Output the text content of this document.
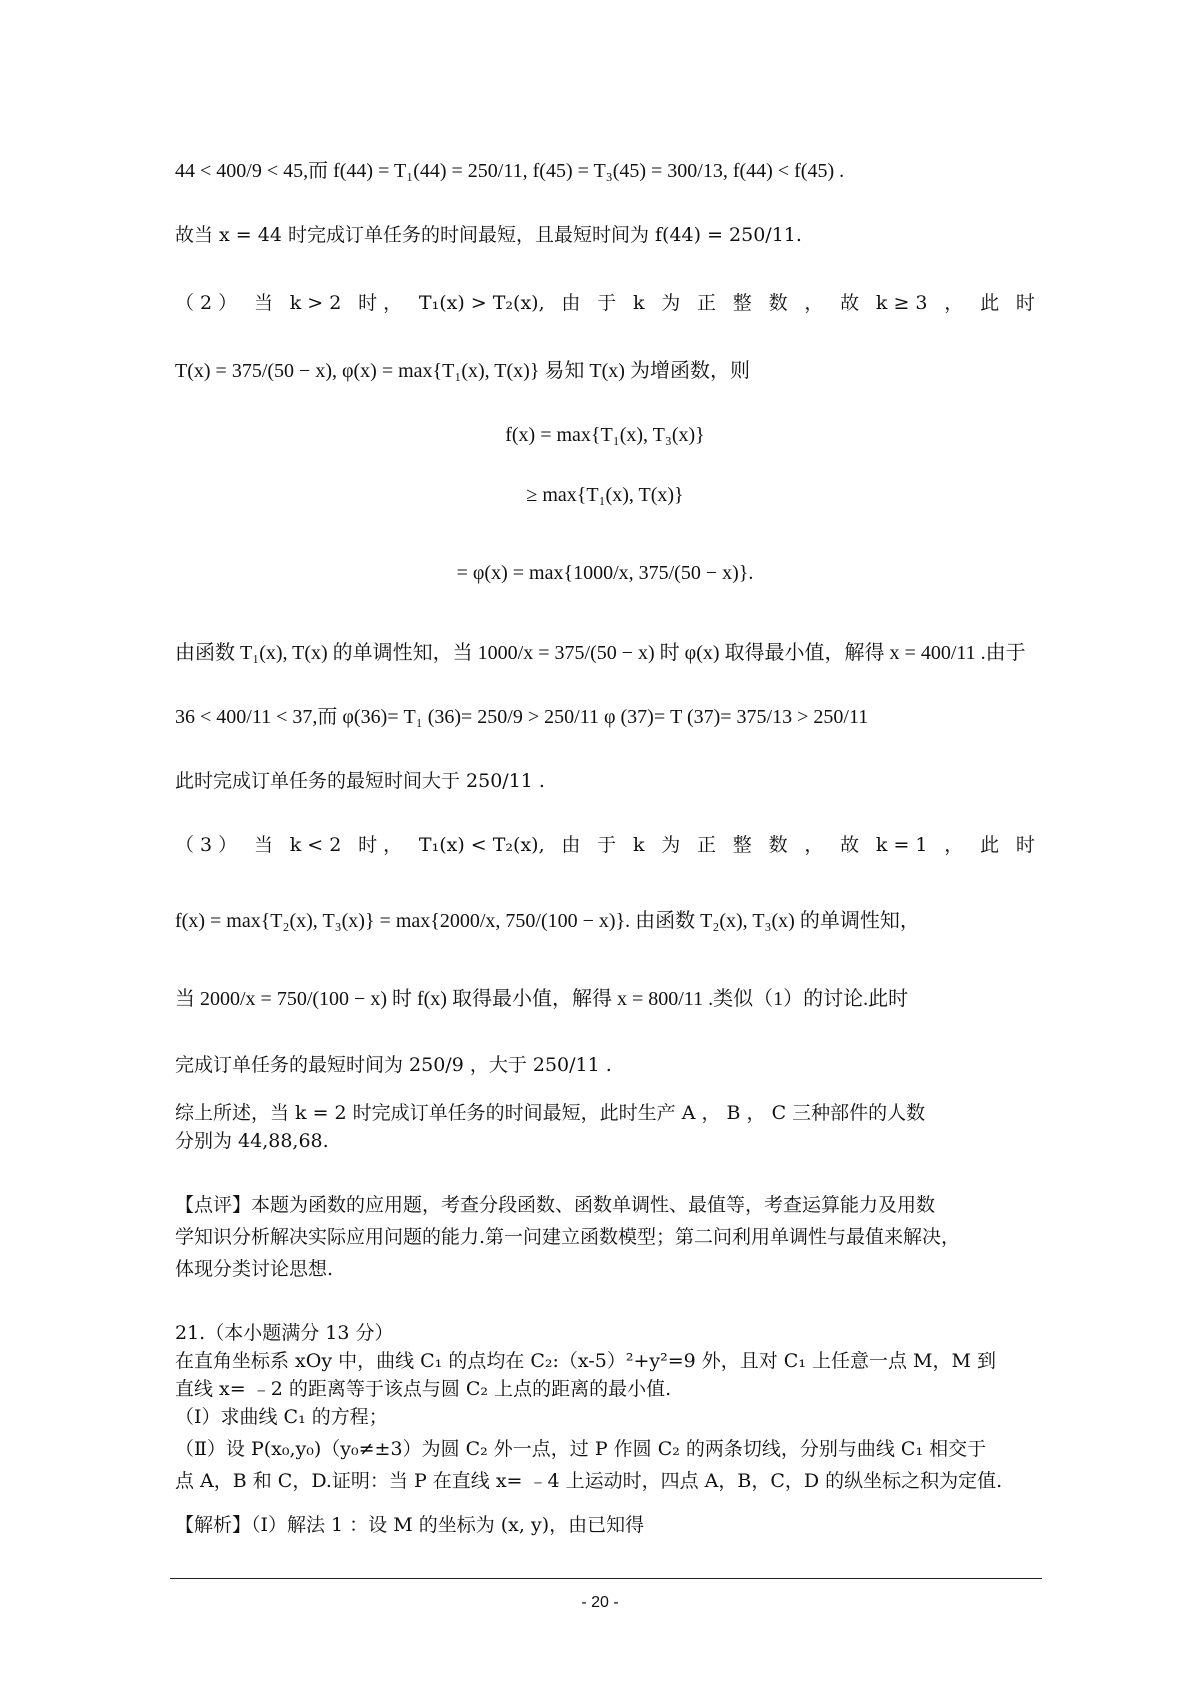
44 < 400/9 < 45,而 f(44) = T₁(44) = 250/11, f(45) = T₃(45) = 300/13, f(44) < f(45) .
故当 x = 44 时完成订单任务的时间最短，且最短时间为 f(44) = 250/11.
（ 2 ） 当 k > 2 时 ， T₁(x) > T₂(x), 由 于 k 为 正 整 数 ， 故 k ≥ 3 ， 此 时
T(x) = 375/(50 − x), φ(x) = max{T₁(x), T(x)} 易知 T(x) 为增函数，则
f(x) = max{T₁(x), T₃(x)}
≥ max{T₁(x), T(x)}
= φ(x) = max{1000/x, 375/(50 − x)}.
由函数 T₁(x), T(x) 的单调性知，当 1000/x = 375/(50 − x) 时 φ(x) 取得最小值，解得 x = 400/11 .由于
36 < 400/11 < 37,而 φ(36)= T₁ (36)= 250/9 > 250/11 φ (37)= T (37)= 375/13 > 250/11
此时完成订单任务的最短时间大于 250/11 .
（ 3 ） 当 k < 2 时 ， T₁(x) < T₂(x), 由 于 k 为 正 整 数 ， 故 k = 1 ， 此 时
f(x) = max{T₂(x), T₃(x)} = max{2000/x, 750/(100 − x)}. 由函数 T₂(x), T₃(x) 的单调性知，
当 2000/x = 750/(100 − x) 时 f(x) 取得最小值，解得 x = 800/11 .类似（1）的讨论.此时
完成订单任务的最短时间为 250/9 ，大于 250/11 .
综上所述，当 k = 2 时完成订单任务的时间最短，此时生产 A ， B ， C 三种部件的人数
分别为 44,88,68.
【点评】本题为函数的应用题，考查分段函数、函数单调性、最值等，考查运算能力及用数
学知识分析解决实际应用问题的能力.第一问建立函数模型；第二问利用单调性与最值来解决，
体现分类讨论思想.
21.（本小题满分 13 分）
在直角坐标系 xOy 中，曲线 C₁ 的点均在 C₂:（x-5）²+y²=9 外，且对 C₁ 上任意一点 M，M 到
直线 x= ﹣2 的距离等于该点与圆 C₂ 上点的距离的最小值.
（Ⅰ）求曲线 C₁ 的方程；
（Ⅱ）设 P(x₀,y₀)（y₀≠±3）为圆 C₂ 外一点，过 P 作圆 C₂ 的两条切线，分别与曲线 C₁ 相交于
点 A，B 和 C，D.证明：当 P 在直线 x= ﹣4 上运动时，四点 A，B，C，D 的纵坐标之积为定值.
【解析】（Ⅰ）解法 1 ：设 M 的坐标为 (x, y)，由已知得
- 20 -
